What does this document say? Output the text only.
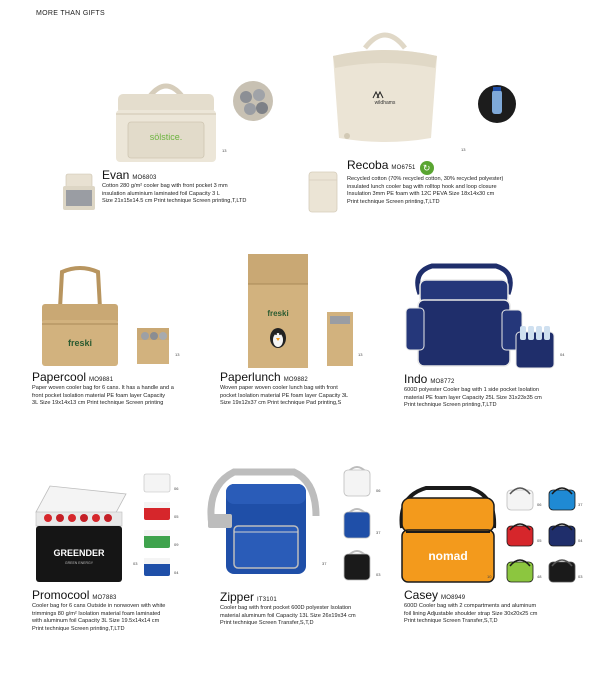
MORE THAN GIFTS
sölstice.
13
Evan MO6803
Cotton 280 g/m² cooler bag with front pocket 3 mm
insulation aluminium laminated foil Capacity 3 L
Size 21x15x14.5 cm Print technique Screen printing,T,LTD
wildhams
13
Recoba MO6751 ↻
Recycled cotton (70% recycled cotton, 30% recycled polyester)
insulated lunch cooler bag with rolltop hook and loop closure
Insulation 3mm PE foam with 12C PEVA Size 18x14x30 cm
Print technique Screen printing,T,LTD
freski
13
Papercool MO9881
Paper woven cooler bag for 6 cans. It has a handle and a
front pocket Isolation material PE foam layer Capacity
3L Size 19x14x13 cm Print technique Screen printing
freski
13
Paperlunch MO9882
Woven paper woven cooler lunch bag with front
pocket Isolation material PE foam layer Capacity 3L
Size 19x12x37 cm Print technique Pad printing,S
04
Indo MO8772
600D polyester Cooler bag with 1 side pocket Isolation
material PE foam layer Capacity 25L Size 31x23x35 cm
Print technique Screen printing,T,LTD
GREENDER
GREEN ENERGY
06
05
09
04
03
Promocool MO7883
Cooler bag for 6 cans Outside in nonwoven with white
trimmings 80 g/m² Isolation material foam laminated
with aluminum foil Capacity 3L Size 19.5x14x14 cm
Print technique Screen printing,T,LTD
37
06
37
03
Zipper IT3101
Cooler bag with front pocket 600D polyester Isolation
material aluminum foil Capacity 13L Size 26x19x34 cm
Print technique Screen Transfer,S,T,D
nomad
10
06	37
05	04
48	03
Casey MO8949
600D Cooler bag with 2 compartments and aluminum
foil lining Adjustable shoulder strap Size 30x20x25 cm
Print technique Screen Transfer,S,T,D
